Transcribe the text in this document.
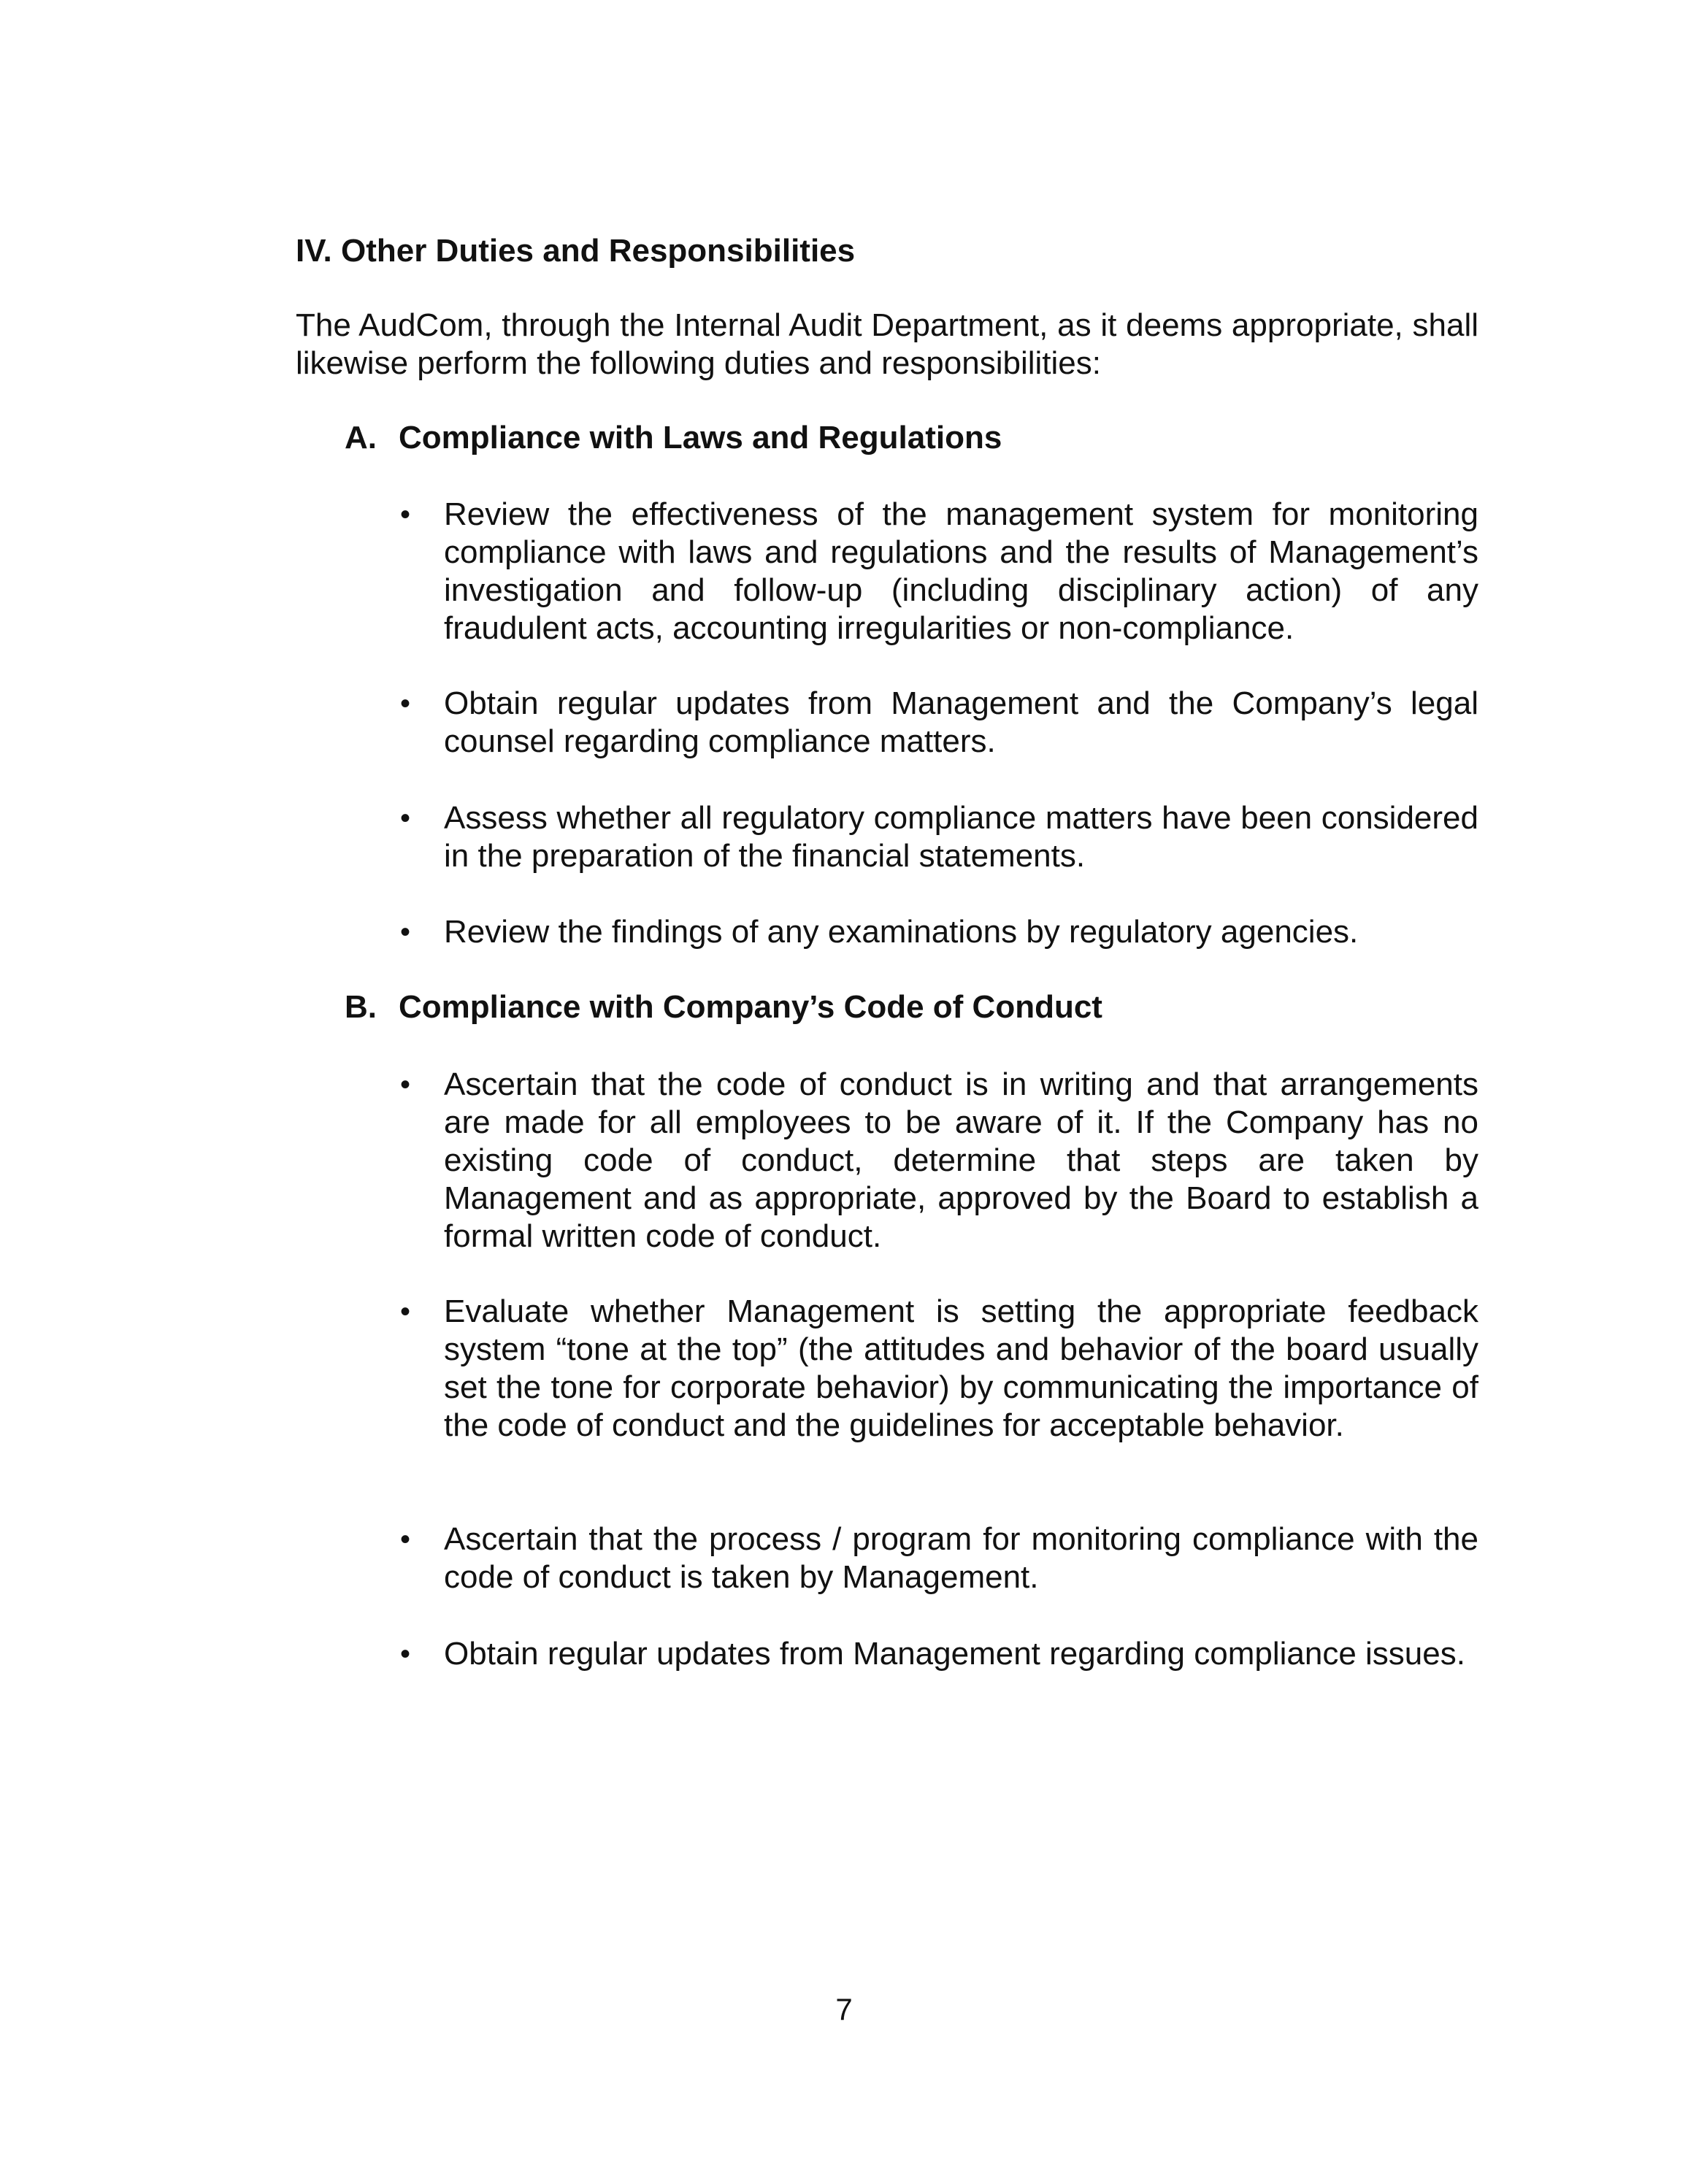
IV. Other Duties and Responsibilities

The AudCom, through the Internal Audit Department, as it deems appropriate, shall likewise perform the following duties and responsibilities:

A. Compliance with Laws and Regulations
•	Review the effectiveness of the management system for monitoring compliance with laws and regulations and the results of Management’s investigation and follow-up (including disciplinary action) of any fraudulent acts, accounting irregularities or non-compliance.
•	Obtain regular updates from Management and the Company’s legal counsel regarding compliance matters.
•	Assess whether all regulatory compliance matters have been considered in the preparation of the financial statements.
•	Review the findings of any examinations by regulatory agencies.
B. Compliance with Company’s Code of Conduct
•	Ascertain that the code of conduct is in writing and that arrangements are made for all employees to be aware of it. If the Company has no existing code of conduct, determine that steps are taken by Management and as appropriate, approved by the Board to establish a formal written code of conduct.
•	Evaluate whether Management is setting the appropriate feedback system “tone at the top” (the attitudes and behavior of the board usually set the tone for corporate behavior) by communicating the importance of the code of conduct and the guidelines for acceptable behavior.
•	Ascertain that the process / program for monitoring compliance with the code of conduct is taken by Management.
•	Obtain regular updates from Management regarding compliance issues.
7
